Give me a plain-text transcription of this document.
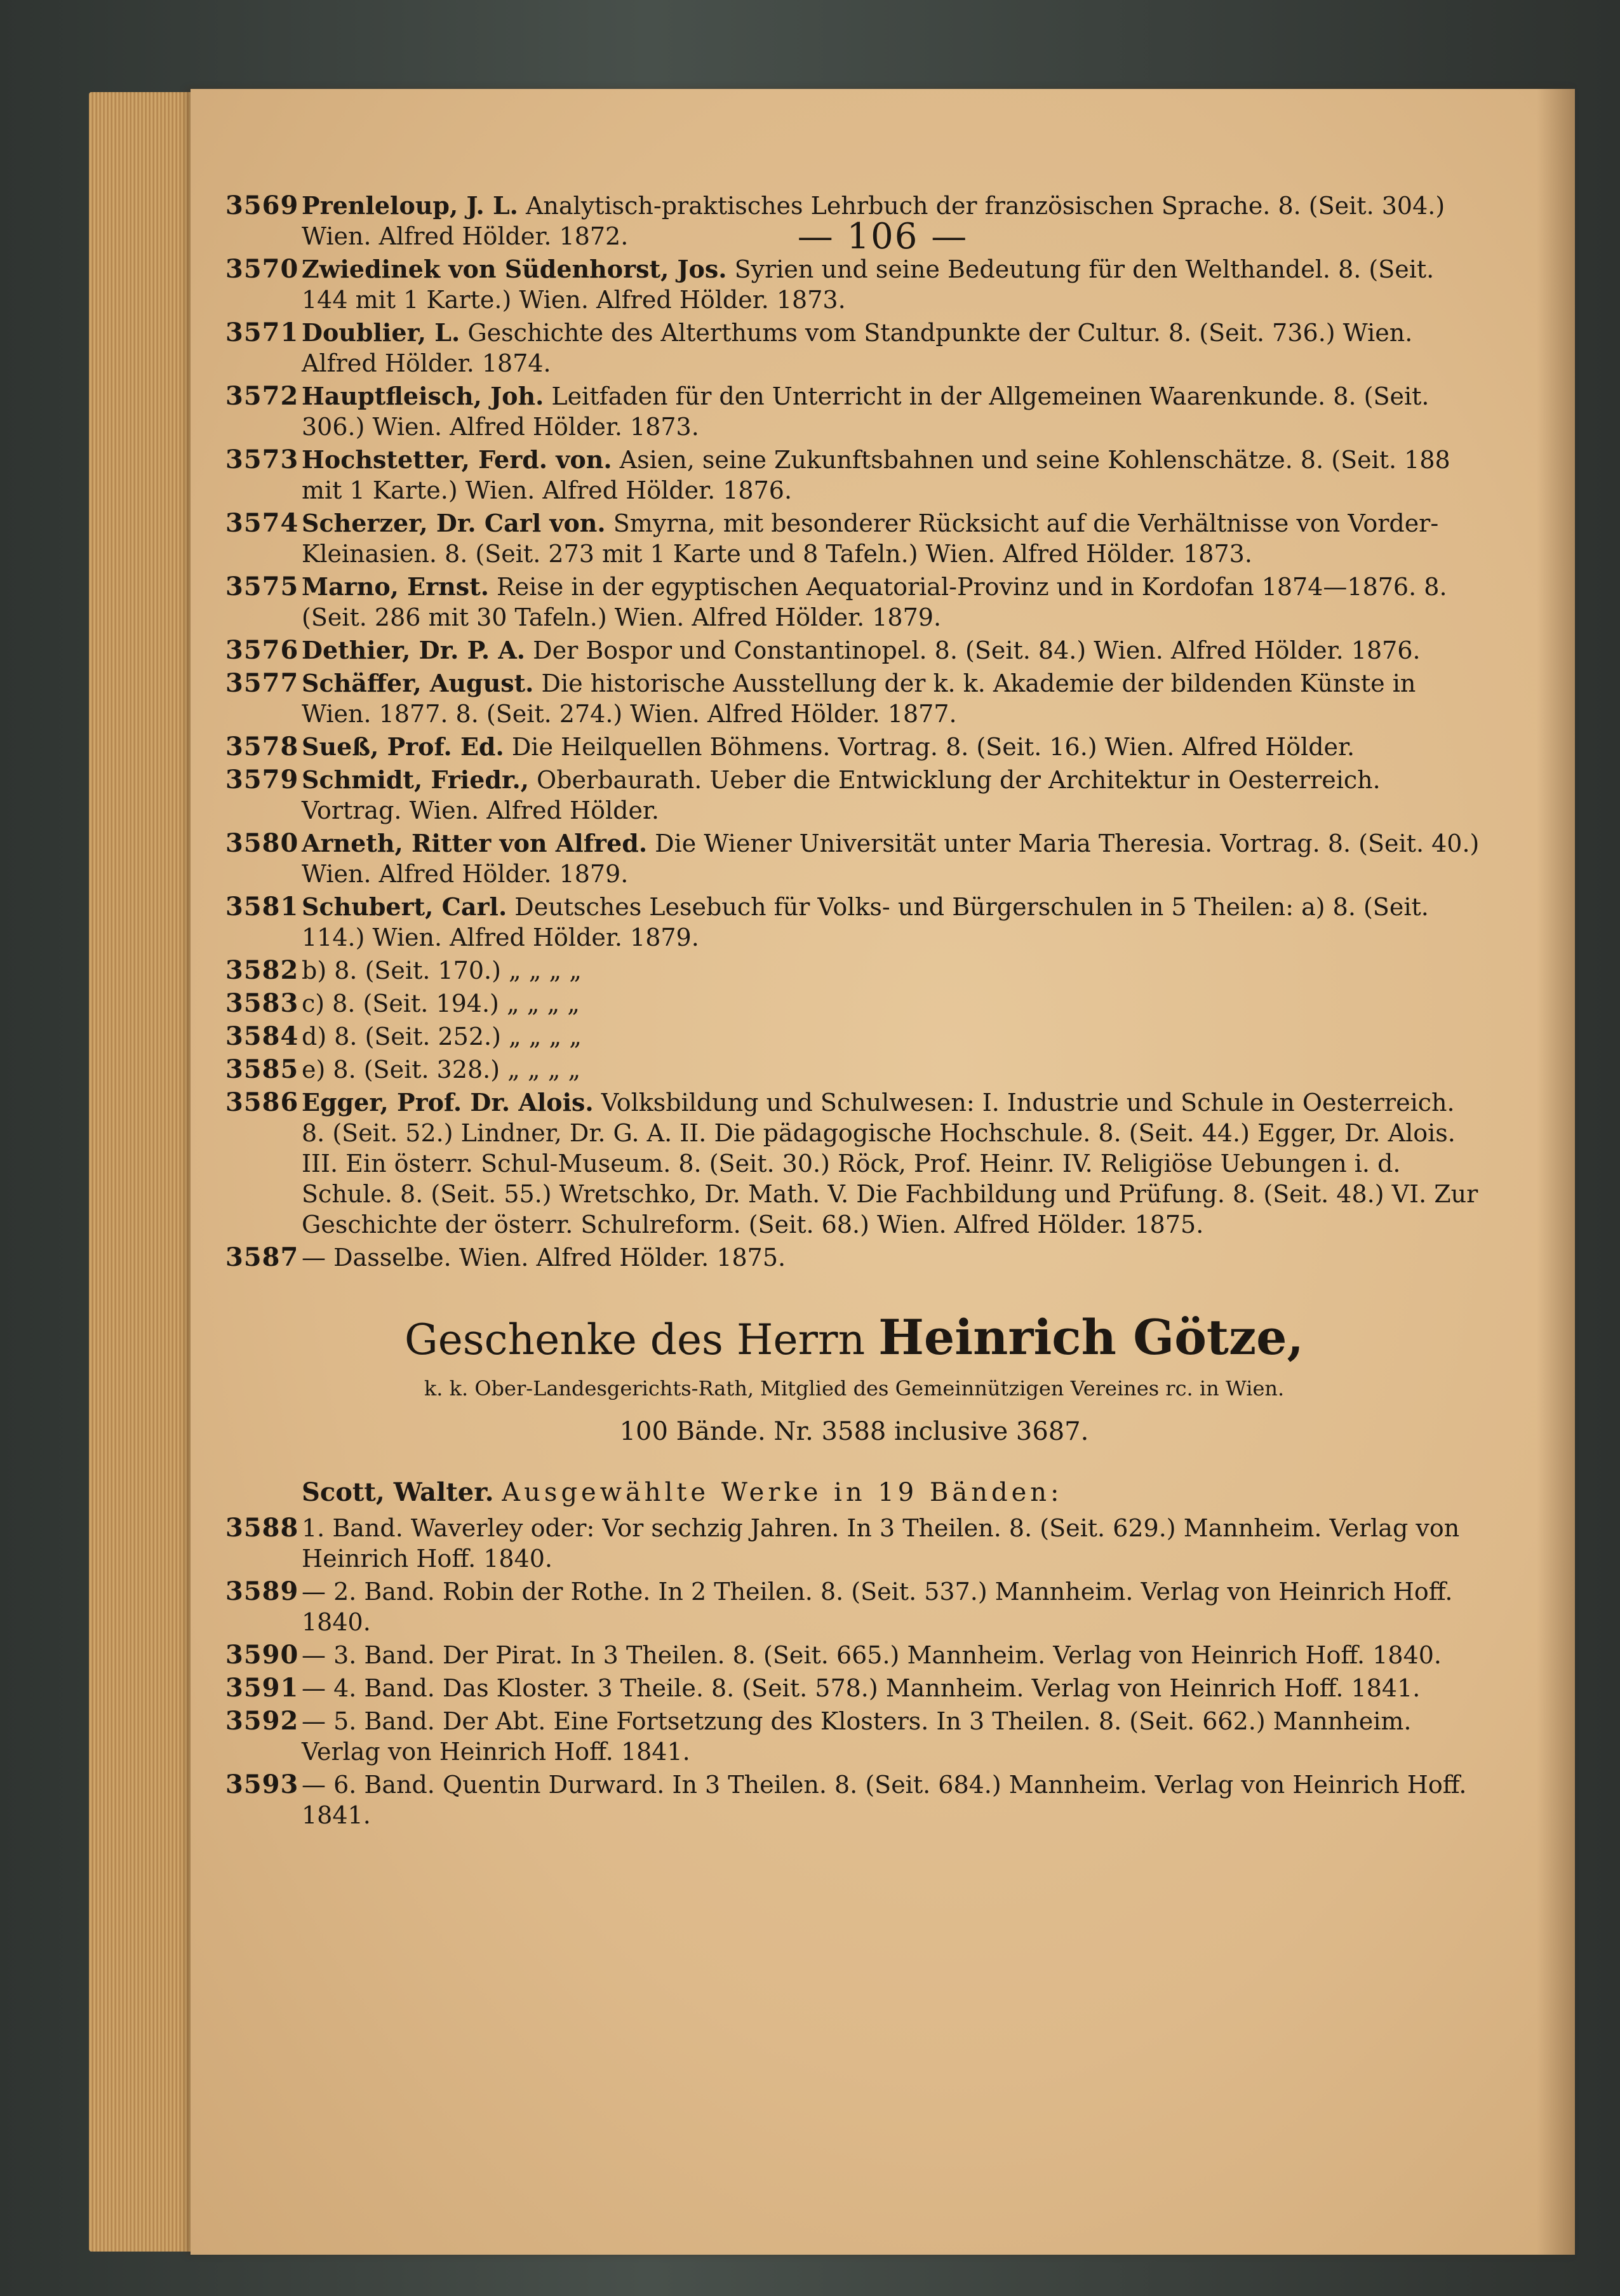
— 106 —
3569 Prenleloup, J. L. Analytisch-praktisches Lehrbuch der französischen Sprache. 8. (Seit. 304.) Wien. Alfred Hölder. 1872.
3570 Zwiedinek von Südenhorst, Jos. Syrien und seine Bedeutung für den Welthandel. 8. (Seit. 144 mit 1 Karte.) Wien. Alfred Hölder. 1873.
3571 Doublier, L. Geschichte des Alterthums vom Standpunkte der Cultur. 8. (Seit. 736.) Wien. Alfred Hölder. 1874.
3572 Hauptfleisch, Joh. Leitfaden für den Unterricht in der Allgemeinen Waarenkunde. 8. (Seit. 306.) Wien. Alfred Hölder. 1873.
3573 Hochstetter, Ferd. von. Asien, seine Zukunftsbahnen und seine Kohlenschätze. 8. (Seit. 188 mit 1 Karte.) Wien. Alfred Hölder. 1876.
3574 Scherzer, Dr. Carl von. Smyrna, mit besonderer Rücksicht auf die Verhältnisse von Vorder-Kleinasien. 8. (Seit. 273 mit 1 Karte und 8 Tafeln.) Wien. Alfred Hölder. 1873.
3575 Marno, Ernst. Reise in der egyptischen Aequatorial-Provinz und in Kordofan 1874—1876. 8. (Seit. 286 mit 30 Tafeln.) Wien. Alfred Hölder. 1879.
3576 Dethier, Dr. P. A. Der Bospor und Constantinopel. 8. (Seit. 84.) Wien. Alfred Hölder. 1876.
3577 Schäffer, August. Die historische Ausstellung der k. k. Akademie der bildenden Künste in Wien. 1877. 8. (Seit. 274.) Wien. Alfred Hölder. 1877.
3578 Sueß, Prof. Ed. Die Heilquellen Böhmens. Vortrag. 8. (Seit. 16.) Wien. Alfred Hölder.
3579 Schmidt, Friedr., Oberbaurath. Ueber die Entwicklung der Architektur in Oesterreich. Vortrag. Wien. Alfred Hölder.
3580 Arneth, Ritter von Alfred. Die Wiener Universität unter Maria Theresia. Vortrag. 8. (Seit. 40.) Wien. Alfred Hölder. 1879.
3581 Schubert, Carl. Deutsches Lesebuch für Volks- und Bürgerschulen in 5 Theilen: a) 8. (Seit. 114.) Wien. Alfred Hölder. 1879.
3582 b) 8. (Seit. 170.) „ „ „ „
3583 c) 8. (Seit. 194.) „ „ „ „
3584 d) 8. (Seit. 252.) „ „ „ „
3585 e) 8. (Seit. 328.) „ „ „ „
3586 Egger, Prof. Dr. Alois. Volksbildung und Schulwesen: I. Industrie und Schule in Oesterreich. 8. (Seit. 52.) Lindner, Dr. G. A. II. Die pädagogische Hochschule. 8. (Seit. 44.) Egger, Dr. Alois. III. Ein österr. Schul-Museum. 8. (Seit. 30.) Röck, Prof. Heinr. IV. Religiöse Uebungen i. d. Schule. 8. (Seit. 55.) Wretschko, Dr. Math. V. Die Fachbildung und Prüfung. 8. (Seit. 48.) VI. Zur Geschichte der österr. Schulreform. (Seit. 68.) Wien. Alfred Hölder. 1875.
3587 — Dasselbe. Wien. Alfred Hölder. 1875.
Geschenke des Herrn Heinrich Götze,
k. k. Ober-Landesgerichts-Rath, Mitglied des Gemeinnützigen Vereines rc. in Wien.
100 Bände. Nr. 3588 inclusive 3687.
Scott, Walter. Ausgewählte Werke in 19 Bänden:
3588 1. Band. Waverley oder: Vor sechzig Jahren. In 3 Theilen. 8. (Seit. 629.) Mannheim. Verlag von Heinrich Hoff. 1840.
3589 — 2. Band. Robin der Rothe. In 2 Theilen. 8. (Seit. 537.) Mannheim. Verlag von Heinrich Hoff. 1840.
3590 — 3. Band. Der Pirat. In 3 Theilen. 8. (Seit. 665.) Mannheim. Verlag von Heinrich Hoff. 1840.
3591 — 4. Band. Das Kloster. 3 Theile. 8. (Seit. 578.) Mannheim. Verlag von Heinrich Hoff. 1841.
3592 — 5. Band. Der Abt. Eine Fortsetzung des Klosters. In 3 Theilen. 8. (Seit. 662.) Mannheim. Verlag von Heinrich Hoff. 1841.
3593 — 6. Band. Quentin Durward. In 3 Theilen. 8. (Seit. 684.) Mannheim. Verlag von Heinrich Hoff. 1841.
